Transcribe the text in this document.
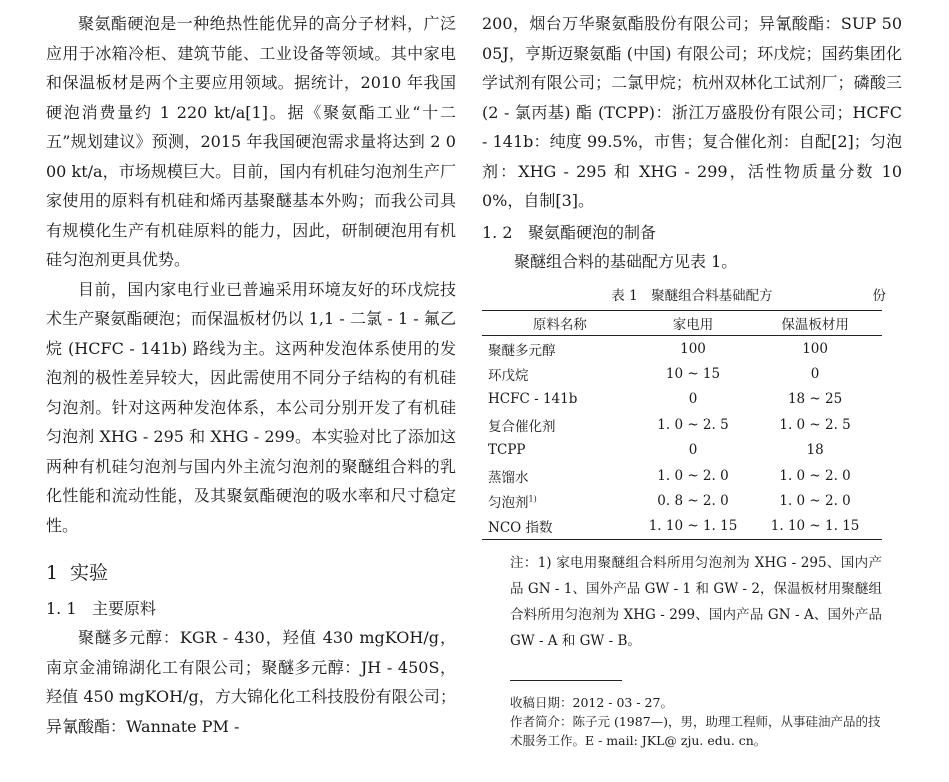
聚氨酯硬泡是一种绝热性能优异的高分子材料，广泛应用于冰箱冷柜、建筑节能、工业设备等领域。其中家电和保温板材是两个主要应用领域。据统计，2010 年我国硬泡消费量约 1 220 kt/a[1]。据《聚氨酯工业“十二五”规划建议》预测，2015 年我国硬泡需求量将达到 2 000 kt/a，市场规模巨大。目前，国内有机硅匀泡剂生产厂家使用的原料有机硅和烯丙基聚醚基本外购；而我公司具有规模化生产有机硅原料的能力，因此，研制硬泡用有机硅匀泡剂更具优势。

目前，国内家电行业已普遍采用环境友好的环戊烷技术生产聚氨酯硬泡；而保温板材仍以 1,1 - 二氯 - 1 - 氟乙烷 (HCFC - 141b) 路线为主。这两种发泡体系使用的发泡剂的极性差异较大，因此需使用不同分子结构的有机硅匀泡剂。针对这两种发泡体系，本公司分别开发了有机硅匀泡剂 XHG - 295 和 XHG - 299。本实验对比了添加这两种有机硅匀泡剂与国内外主流匀泡剂的聚醚组合料的乳化性能和流动性能，及其聚氨酯硬泡的吸水率和尺寸稳定性。

1 实验
1. 1 主要原料

聚醚多元醇：KGR - 430，羟值 430 mgKOH/g，南京金浦锦湖化工有限公司；聚醚多元醇：JH - 450S，羟值 450 mgKOH/g，方大锦化化工科技股份有限公司；异氰酸酯：Wannate PM -

200，烟台万华聚氨酯股份有限公司；异氰酸酯：SUP 5005J，亨斯迈聚氨酯 (中国) 有限公司；环戊烷；国药集团化学试剂有限公司；二氯甲烷；杭州双林化工试剂厂；磷酸三 (2 - 氯丙基) 酯 (TCPP)：浙江万盛股份有限公司；HCFC - 141b：纯度 99.5%，市售；复合催化剂：自配[2]；匀泡剂：XHG - 295 和 XHG - 299，活性物质量分数 100%，自制[3]。

1. 2 聚氨酯硬泡的制备

聚醚组合料的基础配方见表 1。

表 1　聚醚组合料基础配方	份
原料名称	家电用	保温板材用
聚醚多元醇	100	100
环戊烷	10 ~ 15	0
HCFC - 141b	0	18 ~ 25
复合催化剂	1. 0 ~ 2. 5	1. 0 ~ 2. 5
TCPP	0	18
蒸馏水	1. 0 ~ 2. 0	1. 0 ~ 2. 0
匀泡剂$^{1)}$	0. 8 ~ 2. 0	1. 0 ~ 2. 0
NCO 指数	1. 10 ~ 1. 15	1. 10 ~ 1. 15
注：1) 家电用聚醚组合料所用匀泡剂为 XHG - 295、国内产品 GN - 1、国外产品 GW - 1 和 GW - 2，保温板材用聚醚组合料所用匀泡剂为 XHG - 299、国内产品 GN - A、国外产品 GW - A 和 GW - B。
收稿日期：2012 - 03 - 27。
作者简介：陈子元 (1987—)，男，助理工程师，从事硅油产品的技术服务工作。E - mail: JKL@ zju. edu. cn。
